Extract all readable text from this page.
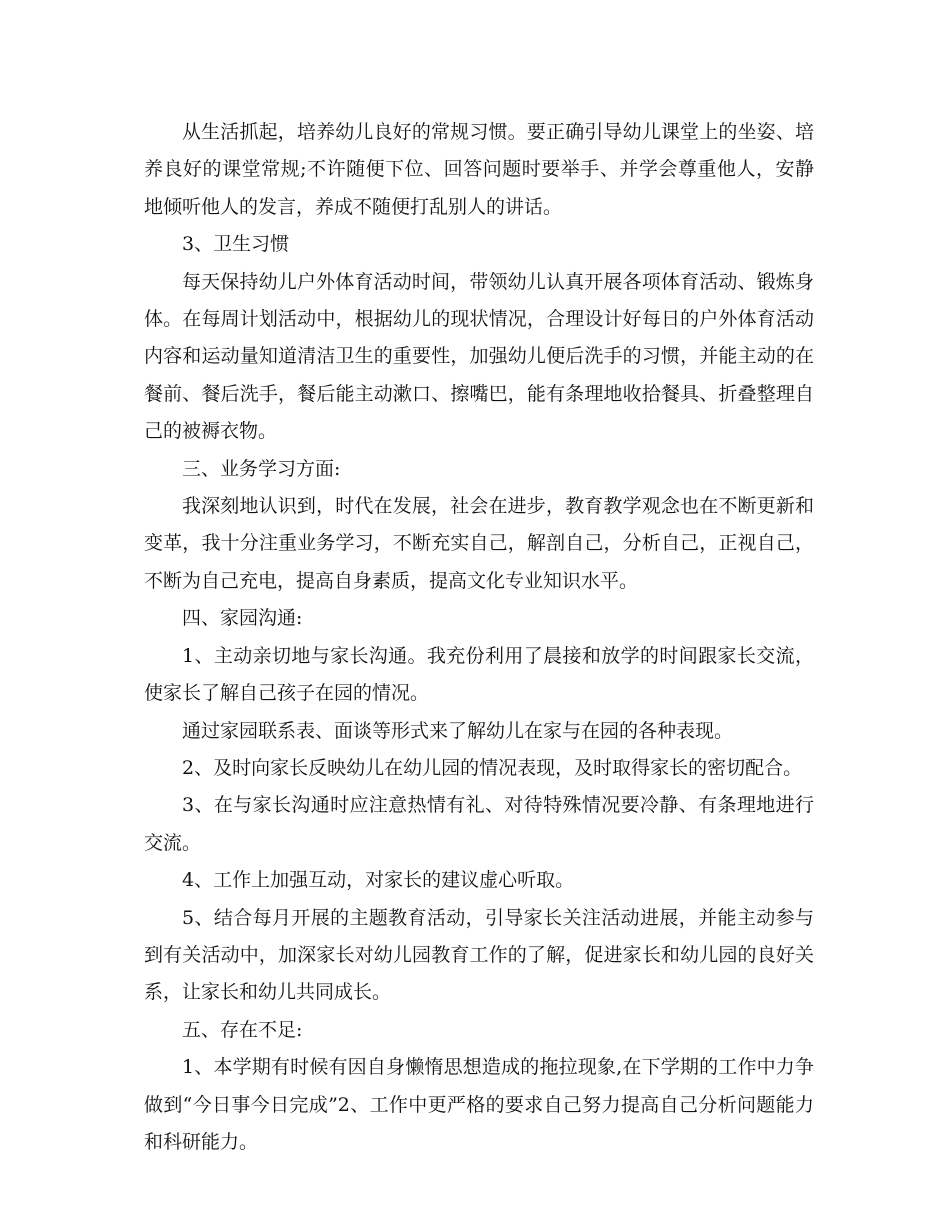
从生活抓起，培养幼儿良好的常规习惯。要正确引导幼儿课堂上的坐姿、培养良好的课堂常规;不许随便下位、回答问题时要举手、并学会尊重他人，安静地倾听他人的发言，养成不随便打乱别人的讲话。

3、卫生习惯

每天保持幼儿户外体育活动时间，带领幼儿认真开展各项体育活动、锻炼身体。在每周计划活动中，根据幼儿的现状情况，合理设计好每日的户外体育活动内容和运动量知道清洁卫生的重要性，加强幼儿便后洗手的习惯，并能主动的在餐前、餐后洗手，餐后能主动漱口、擦嘴巴，能有条理地收拾餐具、折叠整理自己的被褥衣物。

三、业务学习方面:

我深刻地认识到，时代在发展，社会在进步，教育教学观念也在不断更新和变革，我十分注重业务学习，不断充实自己，解剖自己，分析自己，正视自己，不断为自己充电，提高自身素质，提高文化专业知识水平。

四、家园沟通:

1、主动亲切地与家长沟通。我充份利用了晨接和放学的时间跟家长交流，使家长了解自己孩子在园的情况。

通过家园联系表、面谈等形式来了解幼儿在家与在园的各种表现。

2、及时向家长反映幼儿在幼儿园的情况表现，及时取得家长的密切配合。

3、在与家长沟通时应注意热情有礼、对待特殊情况要冷静、有条理地进行交流。

4、工作上加强互动，对家长的建议虚心听取。

5、结合每月开展的主题教育活动，引导家长关注活动进展，并能主动参与到有关活动中，加深家长对幼儿园教育工作的了解，促进家长和幼儿园的良好关系，让家长和幼儿共同成长。

五、存在不足:

1、本学期有时候有因自身懒惰思想造成的拖拉现象,在下学期的工作中力争做到“今日事今日完成”2、工作中更严格的要求自己努力提高自己分析问题能力和科研能力。
